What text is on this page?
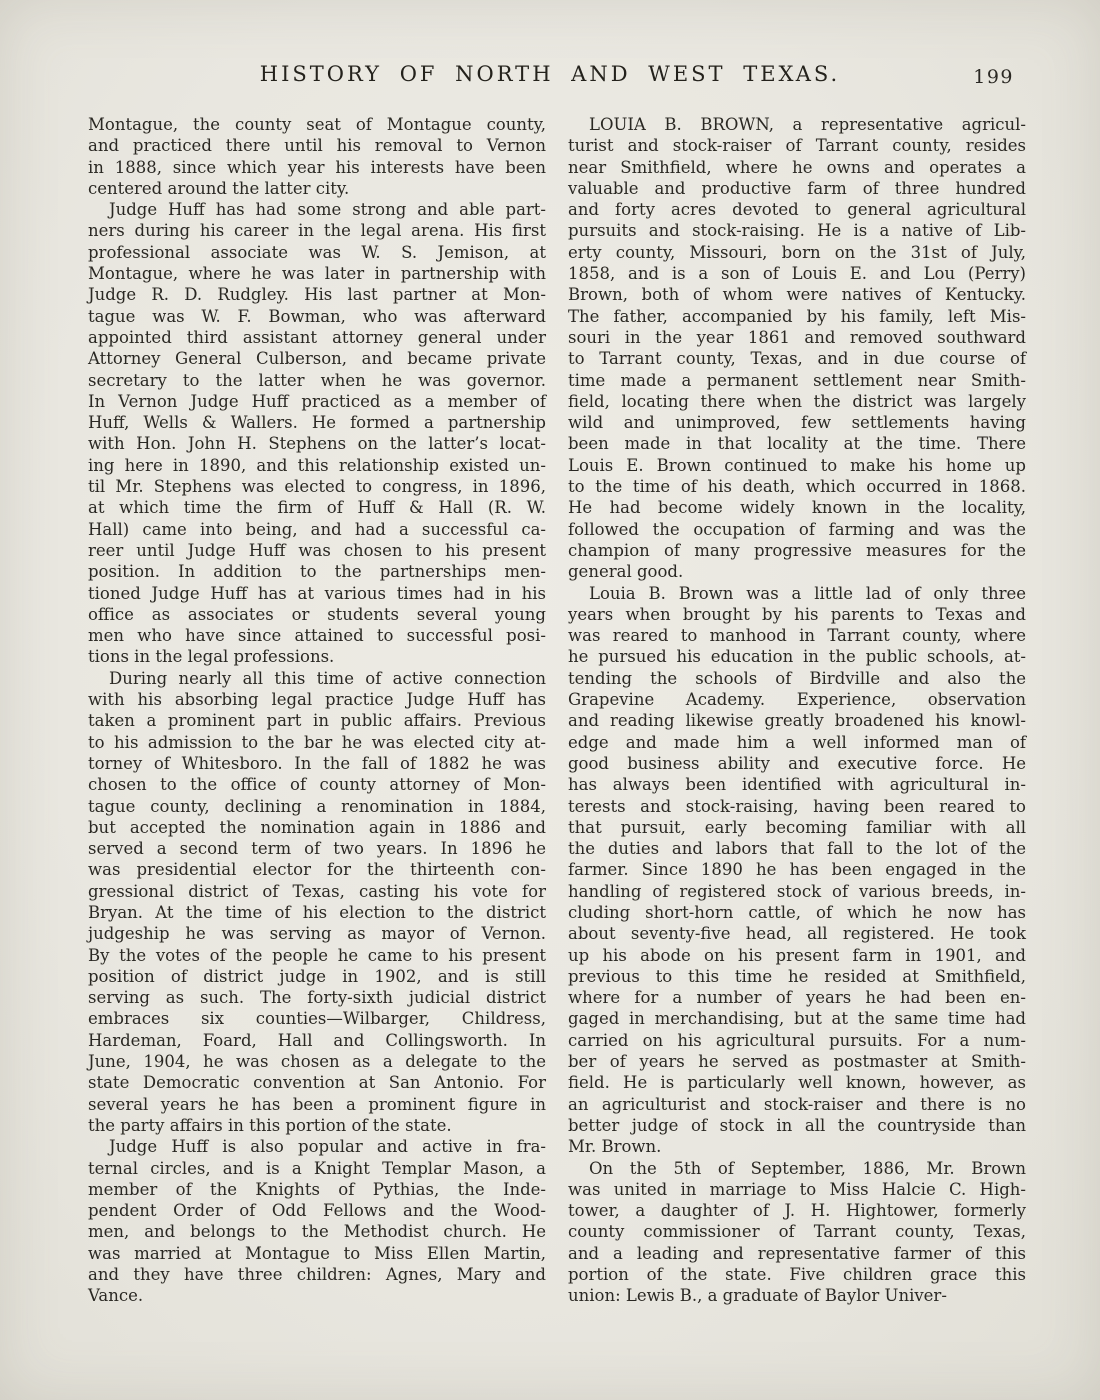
HISTORY OF NORTH AND WEST TEXAS.	199

Montague, the county seat of Montague county,
and practiced there until his removal to Vernon
in 1888, since which year his interests have been
centered around the latter city.

Judge Huff has had some strong and able part-
ners during his career in the legal arena. His first
professional associate was W. S. Jemison, at
Montague, where he was later in partnership with
Judge R. D. Rudgley. His last partner at Mon-
tague was W. F. Bowman, who was afterward
appointed third assistant attorney general under
Attorney General Culberson, and became private
secretary to the latter when he was governor.
In Vernon Judge Huff practiced as a member of
Huff, Wells & Wallers. He formed a partnership
with Hon. John H. Stephens on the latter’s locat-
ing here in 1890, and this relationship existed un-
til Mr. Stephens was elected to congress, in 1896,
at which time the firm of Huff & Hall (R. W.
Hall) came into being, and had a successful ca-
reer until Judge Huff was chosen to his present
position. In addition to the partnerships men-
tioned Judge Huff has at various times had in his
office as associates or students several young
men who have since attained to successful posi-
tions in the legal professions.

During nearly all this time of active connection
with his absorbing legal practice Judge Huff has
taken a prominent part in public affairs. Previous
to his admission to the bar he was elected city at-
torney of Whitesboro. In the fall of 1882 he was
chosen to the office of county attorney of Mon-
tague county, declining a renomination in 1884,
but accepted the nomination again in 1886 and
served a second term of two years. In 1896 he
was presidential elector for the thirteenth con-
gressional district of Texas, casting his vote for
Bryan. At the time of his election to the district
judgeship he was serving as mayor of Vernon.
By the votes of the people he came to his present
position of district judge in 1902, and is still
serving as such. The forty-sixth judicial district
embraces six counties—Wilbarger, Childress,
Hardeman, Foard, Hall and Collingsworth. In
June, 1904, he was chosen as a delegate to the
state Democratic convention at San Antonio. For
several years he has been a prominent figure in
the party affairs in this portion of the state.

Judge Huff is also popular and active in fra-
ternal circles, and is a Knight Templar Mason, a
member of the Knights of Pythias, the Inde-
pendent Order of Odd Fellows and the Wood-
men, and belongs to the Methodist church. He
was married at Montague to Miss Ellen Martin,
and they have three children: Agnes, Mary and
Vance.

LOUIA B. BROWN, a representative agricul-
turist and stock-raiser of Tarrant county, resides
near Smithfield, where he owns and operates a
valuable and productive farm of three hundred
and forty acres devoted to general agricultural
pursuits and stock-raising. He is a native of Lib-
erty county, Missouri, born on the 31st of July,
1858, and is a son of Louis E. and Lou (Perry)
Brown, both of whom were natives of Kentucky.
The father, accompanied by his family, left Mis-
souri in the year 1861 and removed southward
to Tarrant county, Texas, and in due course of
time made a permanent settlement near Smith-
field, locating there when the district was largely
wild and unimproved, few settlements having
been made in that locality at the time. There
Louis E. Brown continued to make his home up
to the time of his death, which occurred in 1868.
He had become widely known in the locality,
followed the occupation of farming and was the
champion of many progressive measures for the
general good.

Louia B. Brown was a little lad of only three
years when brought by his parents to Texas and
was reared to manhood in Tarrant county, where
he pursued his education in the public schools, at-
tending the schools of Birdville and also the
Grapevine Academy. Experience, observation
and reading likewise greatly broadened his knowl-
edge and made him a well informed man of
good business ability and executive force. He
has always been identified with agricultural in-
terests and stock-raising, having been reared to
that pursuit, early becoming familiar with all
the duties and labors that fall to the lot of the
farmer. Since 1890 he has been engaged in the
handling of registered stock of various breeds, in-
cluding short-horn cattle, of which he now has
about seventy-five head, all registered. He took
up his abode on his present farm in 1901, and
previous to this time he resided at Smithfield,
where for a number of years he had been en-
gaged in merchandising, but at the same time had
carried on his agricultural pursuits. For a num-
ber of years he served as postmaster at Smith-
field. He is particularly well known, however, as
an agriculturist and stock-raiser and there is no
better judge of stock in all the countryside than
Mr. Brown.

On the 5th of September, 1886, Mr. Brown
was united in marriage to Miss Halcie C. High-
tower, a daughter of J. H. Hightower, formerly
county commissioner of Tarrant county, Texas,
and a leading and representative farmer of this
portion of the state. Five children grace this
union: Lewis B., a graduate of Baylor Univer-
